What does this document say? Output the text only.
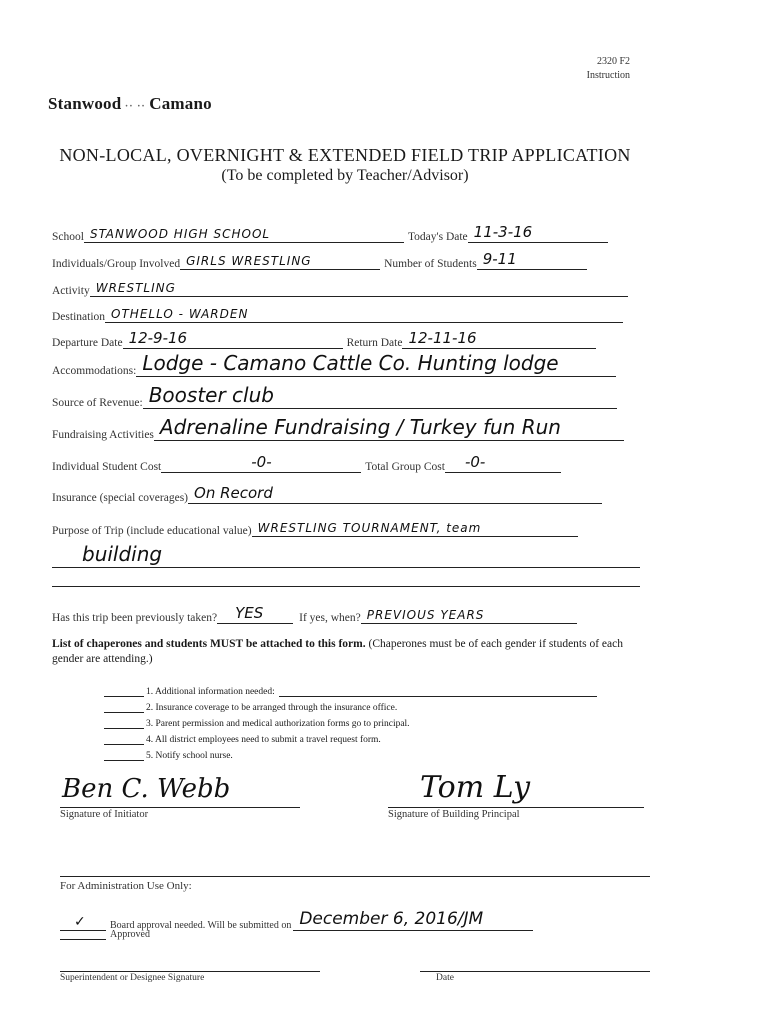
2320 F2
Instruction
Stanwood ·· ·· Camano
NON-LOCAL, OVERNIGHT & EXTENDED FIELD TRIP APPLICATION
(To be completed by Teacher/Advisor)
School STANWOOD HIGH SCHOOL	Today's Date 11-3-16
Individuals/Group Involved GIRLS WRESTLING	Number of Students 9-11
Activity WRESTLING
Destination OTHELLO - WARDEN
Departure Date 12-9-16	Return Date 12-11-16
Accommodations: Lodge - Camano Cattle Co. Hunting lodge
Source of Revenue: Booster club
Fundraising Activities Adrenaline Fundraising / Turkey fun Run
Individual Student Cost	-0-	Total Group Cost -0-
Insurance (special coverages) On Record
Purpose of Trip (include educational value) WRESTLING TOURNAMENT, team
building
Has this trip been previously taken? YES	If yes, when? PREVIOUS YEARS
List of chaperones and students MUST be attached to this form. (Chaperones must be of each gender if students of each gender are attending.)
1. Additional information needed:
2. Insurance coverage to be arranged through the insurance office.
3. Parent permission and medical authorization forms go to principal.
4. All district employees need to submit a travel request form.
5. Notify school nurse.
Ben C. Webb
Signature of Initiator
Tom Ly
Signature of Building Principal
For Administration Use Only:
✓ Board approval needed. Will be submitted on December 6, 2016/JM
Approved
Superintendent or Designee Signature	Date
